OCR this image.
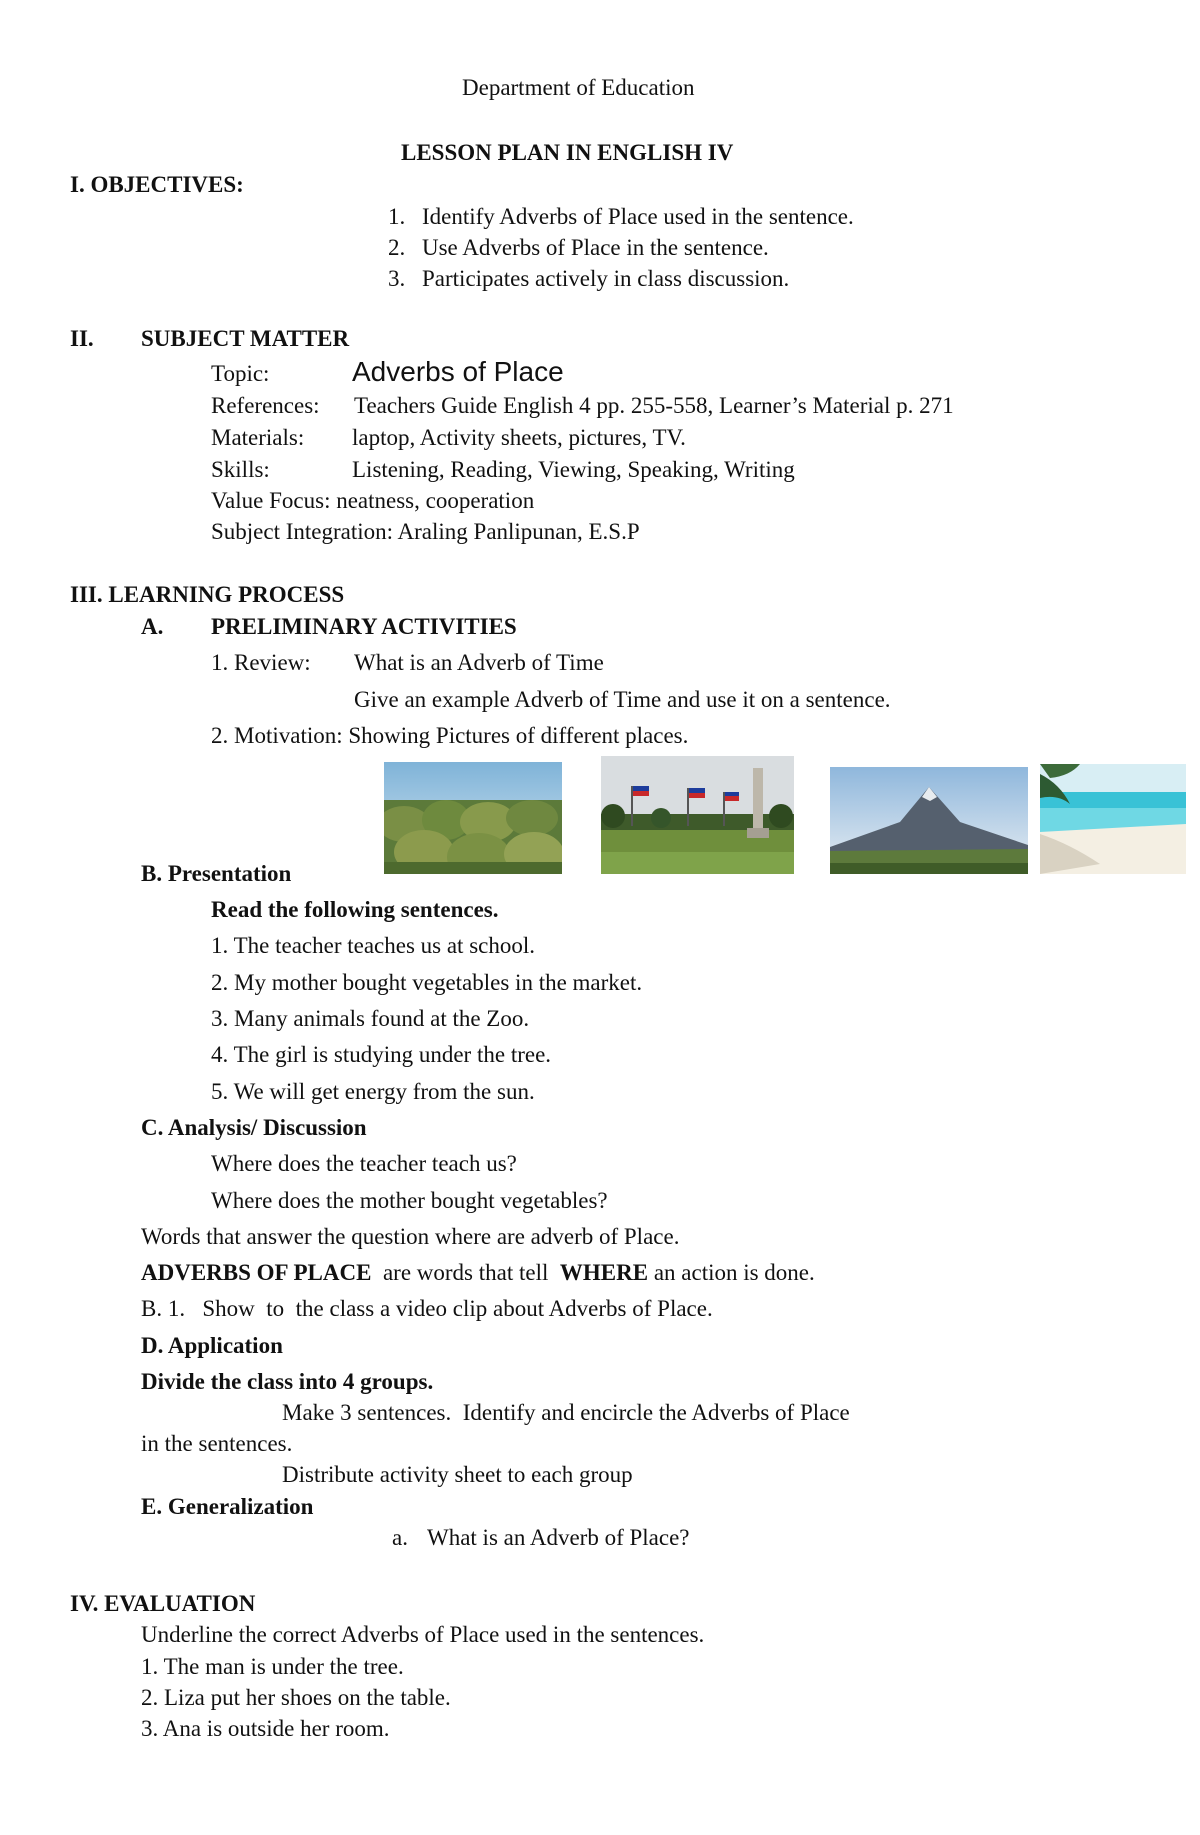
Department of Education
LESSON PLAN IN ENGLISH IV
I. OBJECTIVES:
1. Identify Adverbs of Place used in the sentence.
2. Use Adverbs of Place in the sentence.
3. Participates actively in class discussion.
II. SUBJECT MATTER
Topic:	Adverbs of Place
References: Teachers Guide English 4 pp. 255-558, Learner’s Material p. 271
Materials: laptop, Activity sheets, pictures, TV.
Skills:	Listening, Reading, Viewing, Speaking, Writing
Value Focus: neatness, cooperation
Subject Integration: Araling Panlipunan, E.S.P
III. LEARNING PROCESS
A. PRELIMINARY ACTIVITIES
1. Review: What is an Adverb of Time
Give an example Adverb of Time and use it on a sentence.
2. Motivation: Showing Pictures of different places.
B. Presentation
Read the following sentences.
1. The teacher teaches us at school.
2. My mother bought vegetables in the market.
3. Many animals found at the Zoo.
4. The girl is studying under the tree.
5. We will get energy from the sun.
C. Analysis/ Discussion
Where does the teacher teach us?
Where does the mother bought vegetables?
Words that answer the question where are adverb of Place.
ADVERBS OF PLACE  are words that tell  WHERE an action is done.
B. 1.   Show  to  the class a video clip about Adverbs of Place.
D. Application
Divide the class into 4 groups.
Make 3 sentences.  Identify and encircle the Adverbs of Place
in the sentences.
Distribute activity sheet to each group
E. Generalization
a. What is an Adverb of Place?
IV. EVALUATION
Underline the correct Adverbs of Place used in the sentences.
1. The man is under the tree.
2. Liza put her shoes on the table.
3. Ana is outside her room.
